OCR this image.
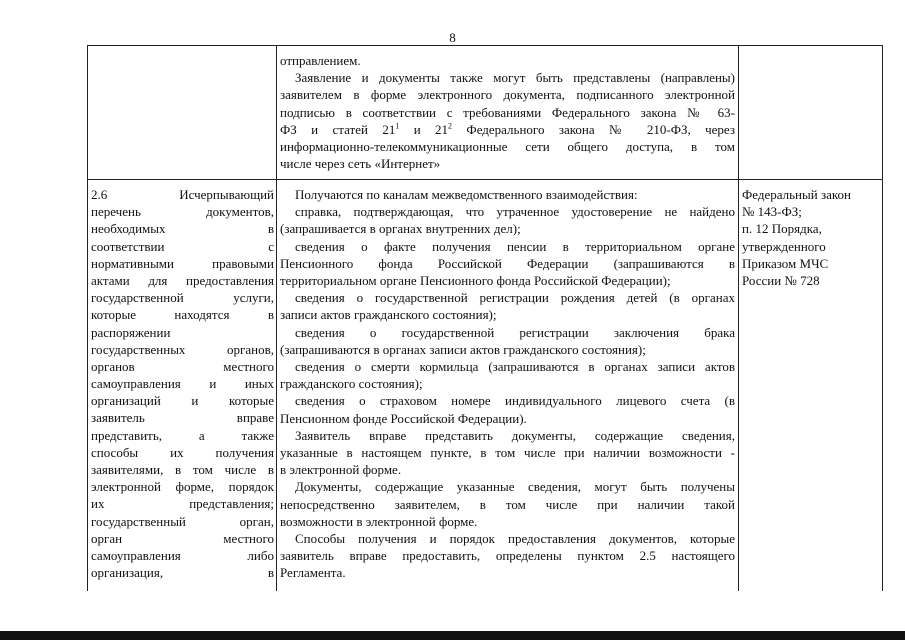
8
отправлением.
Заявление и документы также могут быть представлены (направлены)
заявителем в форме электронного документа, подписанного электронной
подписью в соответствии с требованиями Федерального закона № 63-
ФЗ и статей $21^1$ и $21^2$ Федерального закона № 210-ФЗ, через
информационно-телекоммуникационные сети общего доступа, в том
числе через сеть «Интернет»
2.6 Исчерпывающий
перечень документов,
необходимых в
соответствии с
нормативными правовыми
актами для предоставления
государственной услуги,
которые находятся в
распоряжении
государственных органов,
органов местного
самоуправления и иных
организаций и которые
заявитель вправе
представить, а также
способы их получения
заявителями, в том числе в
электронной форме, порядок
их представления;
государственный орган,
орган местного
самоуправления либо
организация, в
Получаются по каналам межведомственного взаимодействия:
справка, подтверждающая, что утраченное удостоверение не найдено
(запрашивается в органах внутренних дел);
сведения о факте получения пенсии в территориальном органе
Пенсионного фонда Российской Федерации (запрашиваются в
территориальном органе Пенсионного фонда Российской Федерации);
сведения о государственной регистрации рождения детей (в органах
записи актов гражданского состояния);
сведения о государственной регистрации заключения брака
(запрашиваются в органах записи актов гражданского состояния);
сведения о смерти кормильца (запрашиваются в органах записи актов
гражданского состояния);
сведения о страховом номере индивидуального лицевого счета (в
Пенсионном фонде Российской Федерации).
Заявитель вправе представить документы, содержащие сведения,
указанные в настоящем пункте, в том числе при наличии возможности -
в электронной форме.
Документы, содержащие указанные сведения, могут быть получены
непосредственно заявителем, в том числе при наличии такой
возможности в электронной форме.
Способы получения и порядок предоставления документов, которые
заявитель вправе предоставить, определены пунктом 2.5 настоящего
Регламента.
Федеральный закон
№ 143-ФЗ;
п. 12 Порядка,
утвержденного
Приказом МЧС
России № 728
